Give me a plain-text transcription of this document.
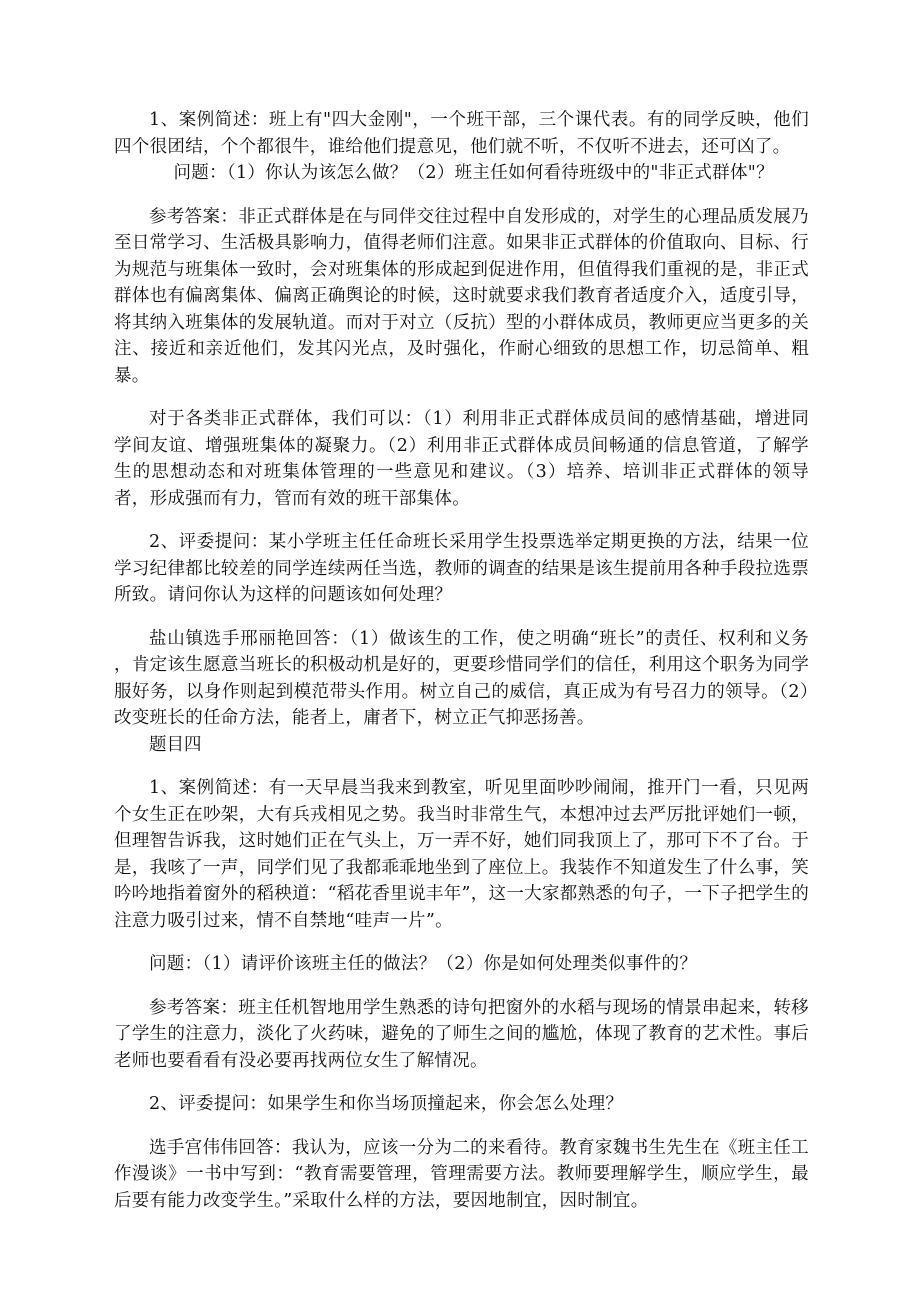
1、案例简述：班上有"四大金刚"，一个班干部，三个课代表。有的同学反映，他们四个很团结，个个都很牛，谁给他们提意见，他们就不听，不仅听不进去，还可凶了。

问题：（1）你认为该怎么做？（2）班主任如何看待班级中的"非正式群体"？

参考答案：非正式群体是在与同伴交往过程中自发形成的，对学生的心理品质发展乃至日常学习、生活极具影响力，值得老师们注意。如果非正式群体的价值取向、目标、行为规范与班集体一致时，会对班集体的形成起到促进作用，但值得我们重视的是，非正式群体也有偏离集体、偏离正确舆论的时候，这时就要求我们教育者适度介入，适度引导，将其纳入班集体的发展轨道。而对于对立（反抗）型的小群体成员，教师更应当更多的关注、接近和亲近他们，发其闪光点，及时强化，作耐心细致的思想工作，切忌简单、粗暴。

对于各类非正式群体，我们可以：（1）利用非正式群体成员间的感情基础，增进同学间友谊、增强班集体的凝聚力。（2）利用非正式群体成员间畅通的信息管道，了解学生的思想动态和对班集体管理的一些意见和建议。（3）培养、培训非正式群体的领导者，形成强而有力，管而有效的班干部集体。

2、评委提问：某小学班主任任命班长采用学生投票选举定期更换的方法，结果一位学习纪律都比较差的同学连续两任当选，教师的调查的结果是该生提前用各种手段拉选票所致。请问你认为这样的问题该如何处理？

盐山镇选手邢丽艳回答：（1）做该生的工作，使之明确“班长”的责任、权利和义务 ，肯定该生愿意当班长的积极动机是好的，更要珍惜同学们的信任，利用这个职务为同学服好务，以身作则起到模范带头作用。树立自己的威信，真正成为有号召力的领导。（2）改变班长的任命方法，能者上，庸者下，树立正气抑恶扬善。

题目四

1、案例简述：有一天早晨当我来到教室，听见里面吵吵闹闹，推开门一看，只见两个女生正在吵架，大有兵戎相见之势。我当时非常生气，本想冲过去严厉批评她们一顿，但理智告诉我，这时她们正在气头上，万一弄不好，她们同我顶上了，那可下不了台。于是，我咳了一声，同学们见了我都乖乖地坐到了座位上。我装作不知道发生了什么事，笑吟吟地指着窗外的稻秧道：“稻花香里说丰年”，这一大家都熟悉的句子，一下子把学生的注意力吸引过来，情不自禁地“哇声一片”。

问题：（1）请评价该班主任的做法？（2）你是如何处理类似事件的？

参考答案：班主任机智地用学生熟悉的诗句把窗外的水稻与现场的情景串起来，转移了学生的注意力，淡化了火药味，避免的了师生之间的尴尬，体现了教育的艺术性。事后老师也要看看有没必要再找两位女生了解情况。

2、评委提问：如果学生和你当场顶撞起来，你会怎么处理？

选手宫伟伟回答：我认为，应该一分为二的来看待。教育家魏书生先生在《班主任工作漫谈》一书中写到：“教育需要管理，管理需要方法。教师要理解学生，顺应学生，最后要有能力改变学生。”采取什么样的方法，要因地制宜，因时制宜。
